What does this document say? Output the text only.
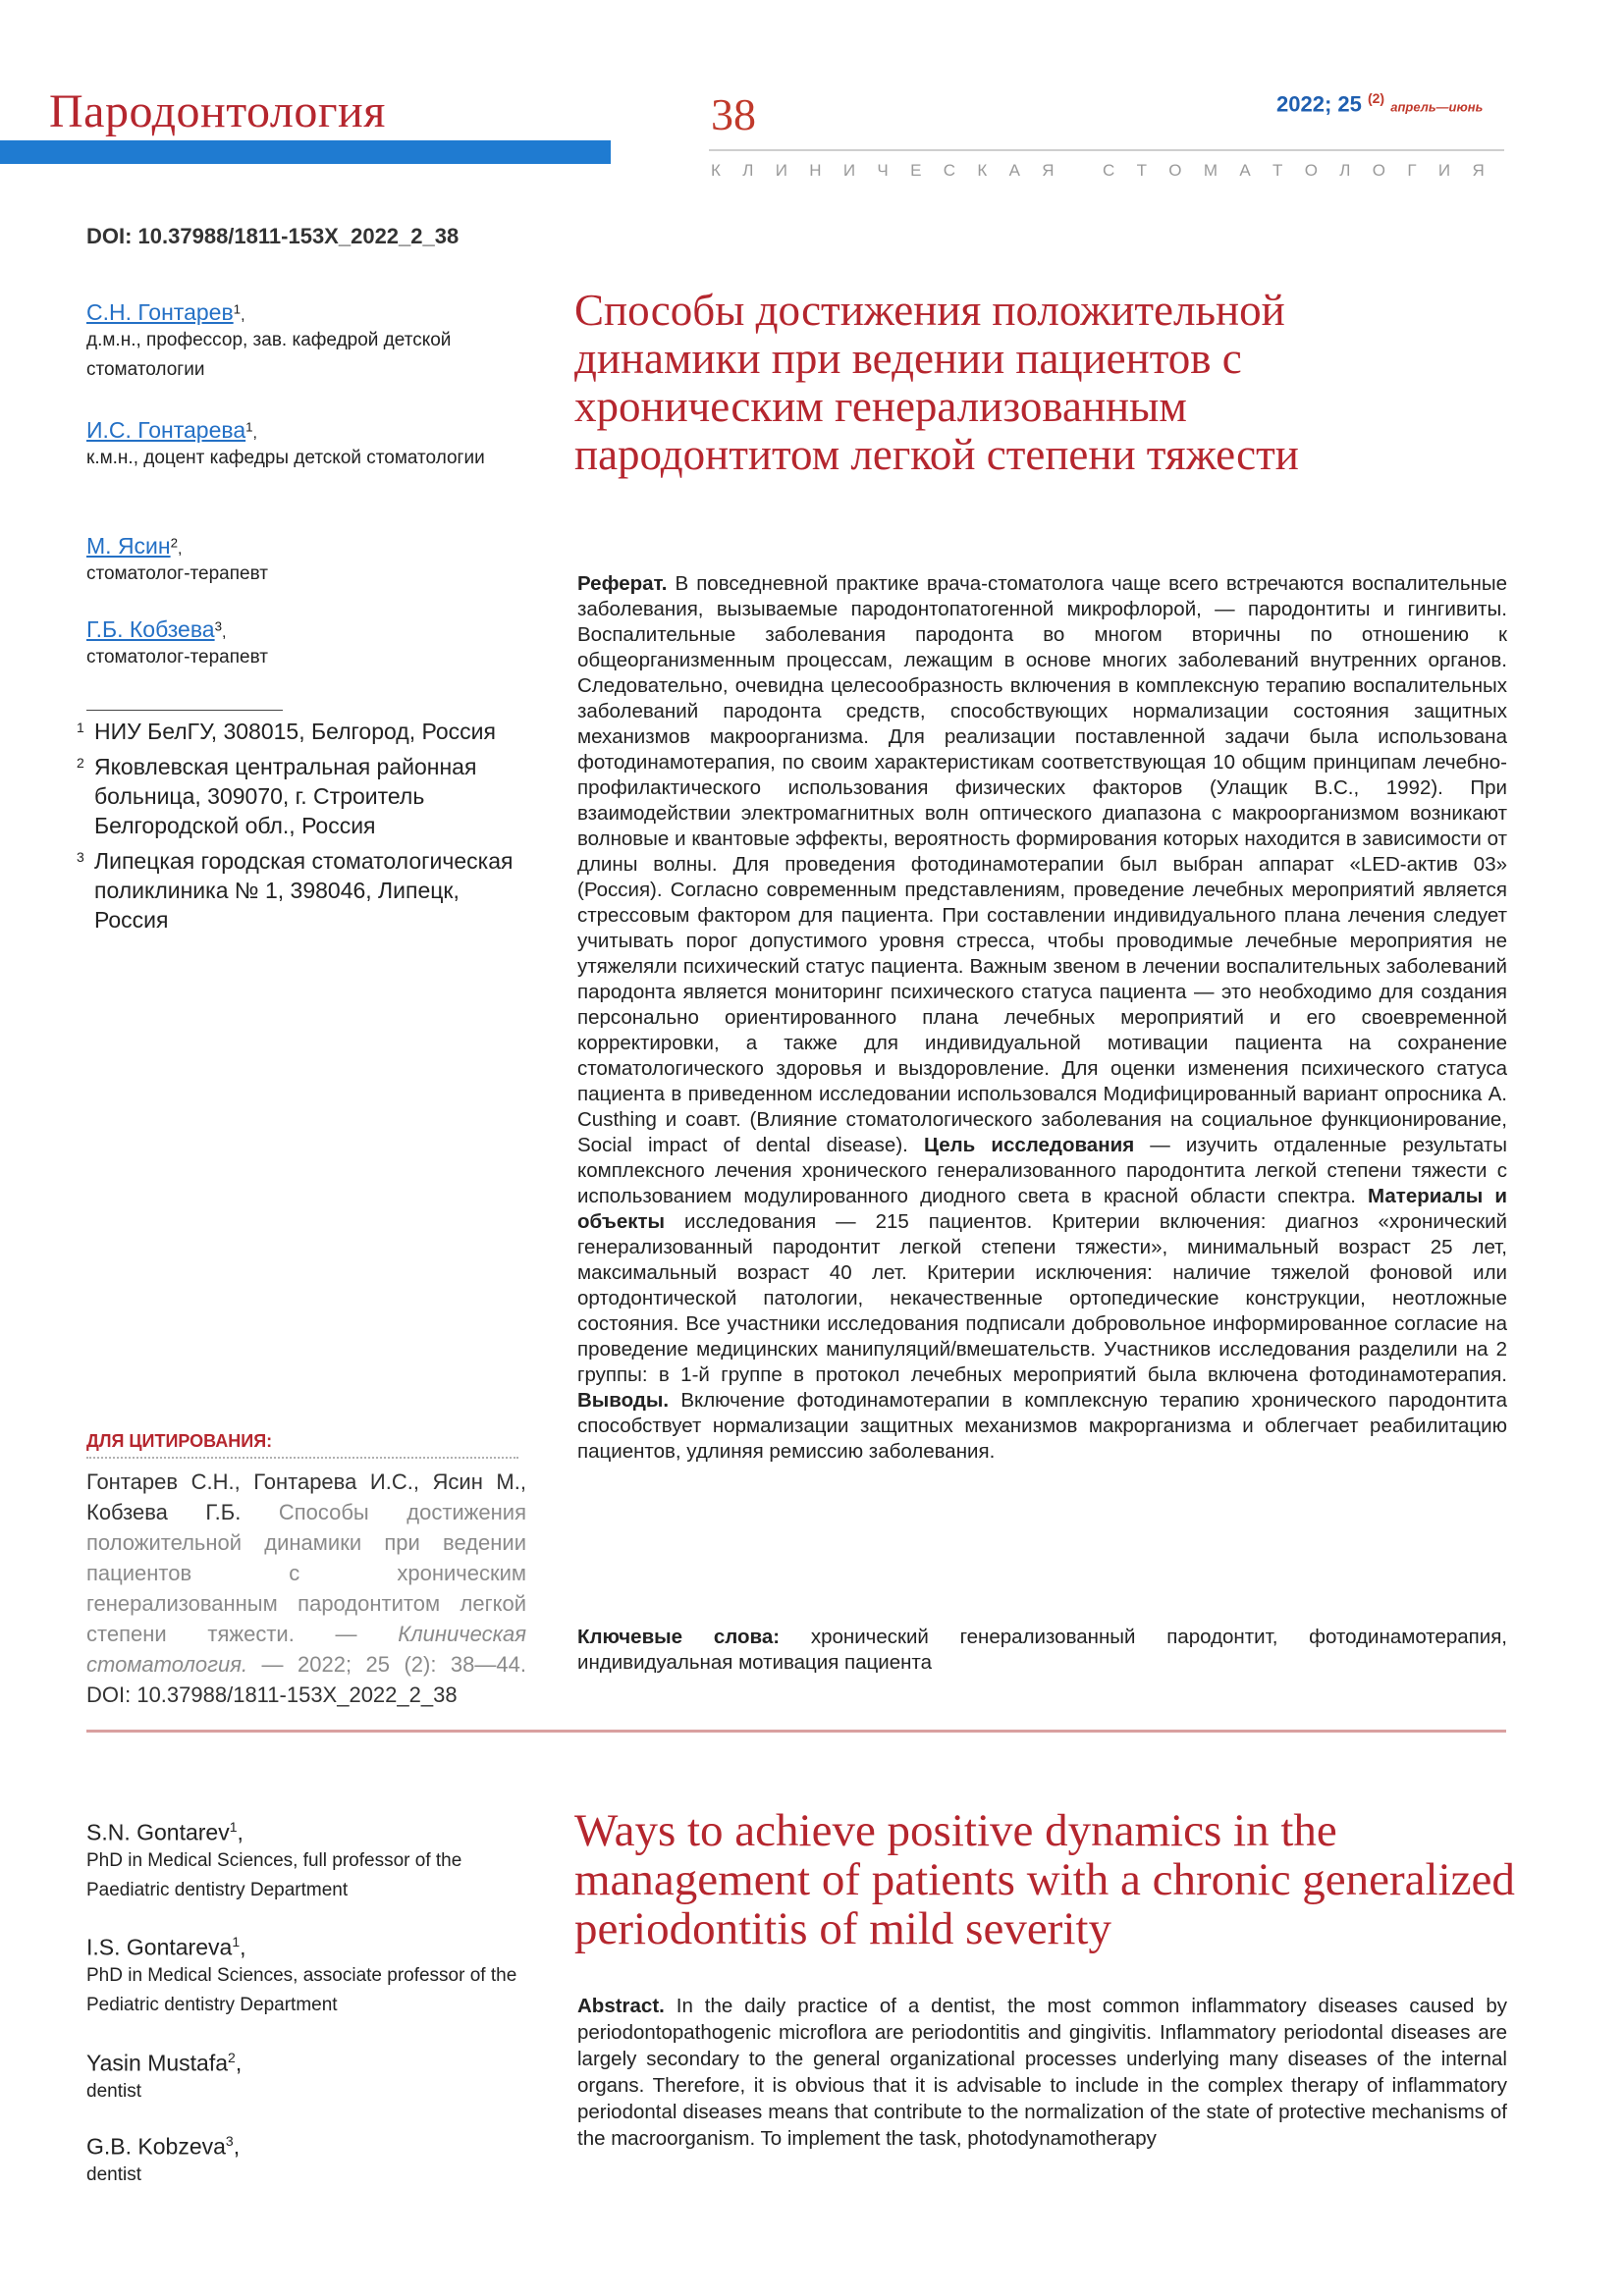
Пародонтология	38	2022; 25 $^{(2)}$ апрель—июнь
К Л И Н И Ч Е С К А Я
С Т О М А Т О Л О Г И Я
DOI: 10.37988/1811-153X_2022_2_38
С.Н. Гонтарев$^1$,
д.м.н., профессор, зав. кафедрой детской стоматологии
И.С. Гонтарева$^1$,
к.м.н., доцент кафедры детской стоматологии
М. Ясин$^2$,
стоматолог-терапевт
Г.Б. Кобзева$^3$,
стоматолог-терапевт
1 НИУ БелГУ, 308015, Белгород, Россия
2 Яковлевская центральная районная больница, 309070, г. Строитель Белгородской обл., Россия
3 Липецкая городская стоматологическая поликлиника № 1, 398046, Липецк, Россия
ДЛЯ ЦИТИРОВАНИЯ:
Гонтарев С.Н., Гонтарева И.С., Ясин М., Кобзева Г.Б. Способы достижения положительной динамики при ведении пациентов с хроническим генерализованным пародонтитом легкой степени тяжести. — Клиническая стоматология. — 2022; 25 (2): 38—44. DOI: 10.37988/1811-153X_2022_2_38
Способы достижения положительной динамики при ведении пациентов с хроническим генерализованным пародонтитом легкой степени тяжести
Реферат. В повседневной практике врача-стоматолога чаще всего встречаются воспалительные заболевания, вызываемые пародонтопатогенной микрофлорой, — пародонтиты и гингивиты. Воспалительные заболевания пародонта во многом вторичны по отношению к общеорганизменным процессам, лежащим в основе многих заболеваний внутренних органов. Следовательно, очевидна целесообразность включения в комплексную терапию воспалительных заболеваний пародонта средств, способствующих нормализации состояния защитных механизмов макроорганизма. Для реализации поставленной задачи была использована фотодинамотерапия, по своим характеристикам соответствующая 10 общим принципам лечебно-профилактического использования физических факторов (Улащик В.С., 1992). При взаимодействии электромагнитных волн оптического диапазона с макроорганизмом возникают волновые и квантовые эффекты, вероятность формирования которых находится в зависимости от длины волны. Для проведения фотодинамотерапии был выбран аппарат «LED-актив 03» (Россия). Согласно современным представлениям, проведение лечебных мероприятий является стрессовым фактором для пациента. При составлении индивидуального плана лечения следует учитывать порог допустимого уровня стресса, чтобы проводимые лечебные мероприятия не утяжеляли психический статус пациента. Важным звеном в лечении воспалительных заболеваний пародонта является мониторинг психического статуса пациента — это необходимо для создания персонально ориентированного плана лечебных мероприятий и его своевременной корректировки, а также для индивидуальной мотивации пациента на сохранение стоматологического здоровья и выздоровление. Для оценки изменения психического статуса пациента в приведенном исследовании использовался Модифицированный вариант опросника A. Custhing и соавт. (Влияние стоматологического заболевания на социальное функционирование, Social impact of dental disease). Цель исследования — изучить отдаленные результаты комплексного лечения хронического генерализованного пародонтита легкой степени тяжести с использованием модулированного диодного света в красной области спектра. Материалы и объекты исследования — 215 пациентов. Критерии включения: диагноз «хронический генерализованный пародонтит легкой степени тяжести», минимальный возраст 25 лет, максимальный возраст 40 лет. Критерии исключения: наличие тяжелой фоновой или ортодонтической патологии, некачественные ортопедические конструкции, неотложные состояния. Все участники исследования подписали добровольное информированное согласие на проведение медицинских манипуляций/вмешательств. Участников исследования разделили на 2 группы: в 1-й группе в протокол лечебных мероприятий была включена фотодинамотерапия. Выводы. Включение фотодинамотерапии в комплексную терапию хронического пародонтита способствует нормализации защитных механизмов макрорганизма и облегчает реабилитацию пациентов, удлиняя ремиссию заболевания.
Ключевые слова: хронический генерализованный пародонтит, фотодинамотерапия, индивидуальная мотивация пациента
S.N. Gontarev$^1$,
PhD in Medical Sciences, full professor of the Paediatric dentistry Department
I.S. Gontareva$^1$,
PhD in Medical Sciences, associate professor of the Pediatric dentistry Department
Yasin Mustafa$^2$,
dentist
G.B. Kobzeva$^3$,
dentist
Ways to achieve positive dynamics in the management of patients with a chronic generalized periodontitis of mild severity
Abstract. In the daily practice of a dentist, the most common inflammatory diseases caused by periodontopathogenic microflora are periodontitis and gingivitis. Inflammatory periodontal diseases are largely secondary to the general organizational processes underlying many diseases of the internal organs. Therefore, it is obvious that it is advisable to include in the complex therapy of inflammatory periodontal diseases means that contribute to the normalization of the state of protective mechanisms of the macroorganism. To implement the task, photodynamotherapy
